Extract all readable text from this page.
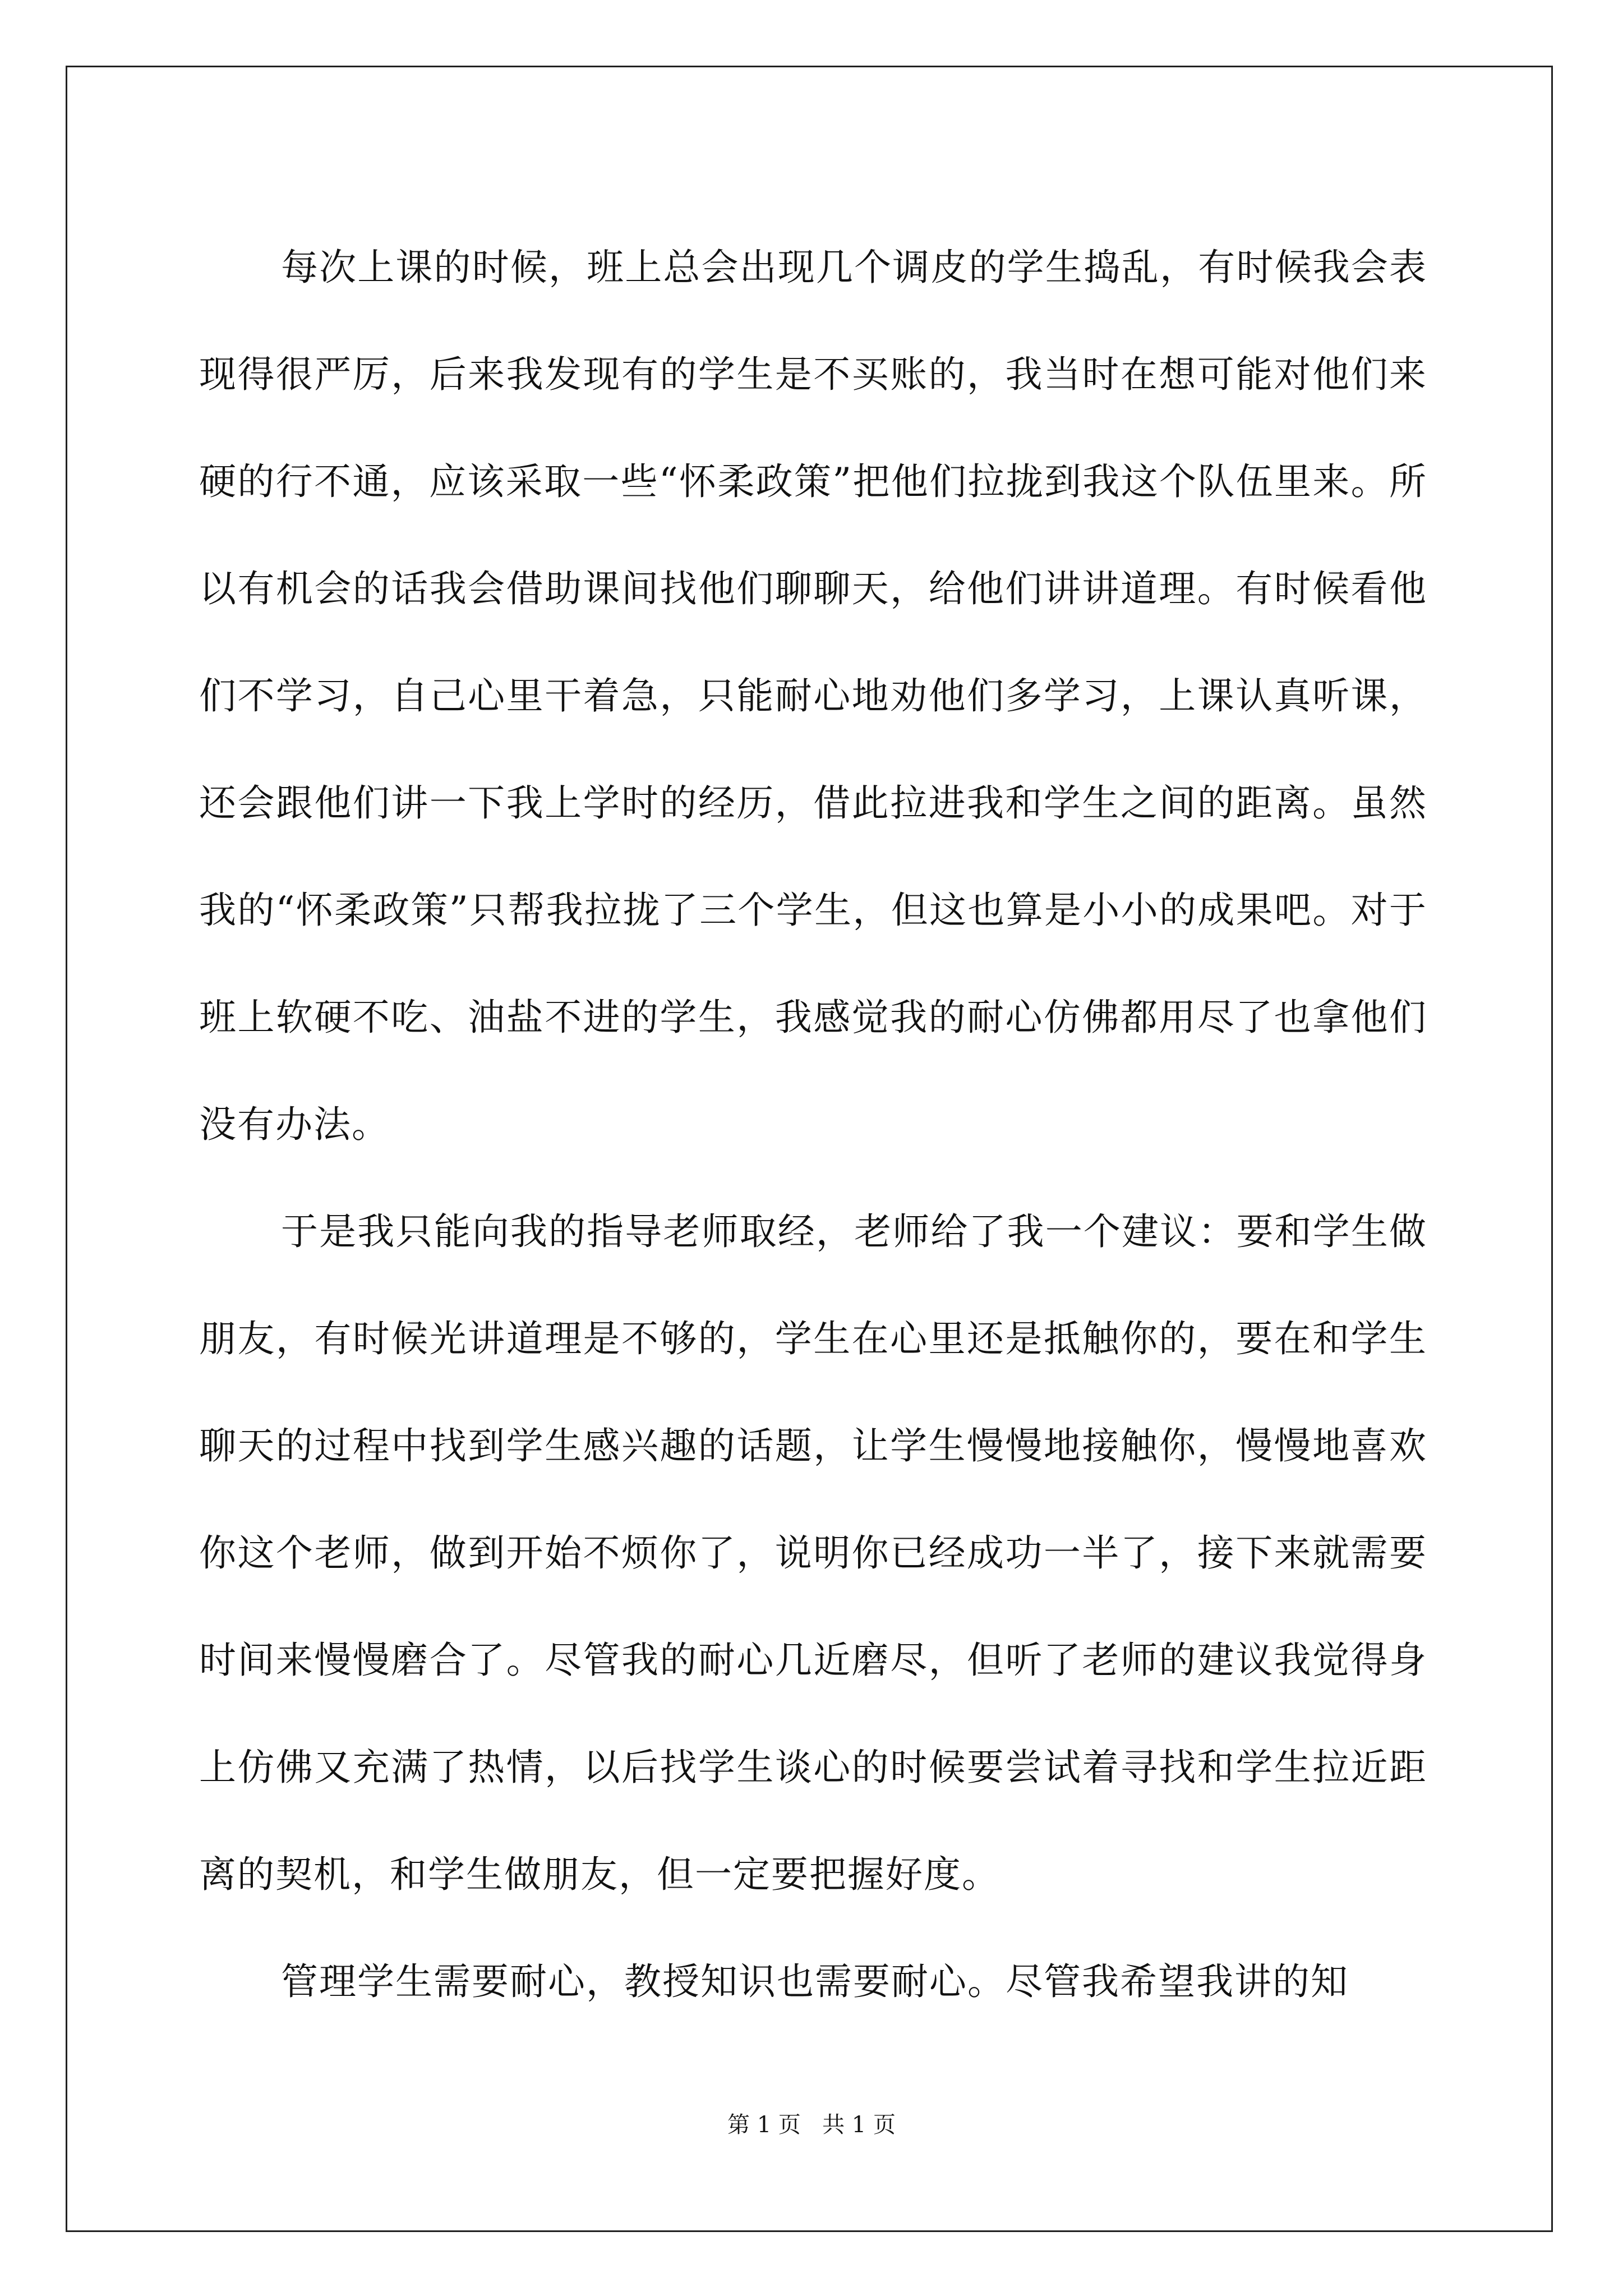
每次上课的时候，班上总会出现几个调皮的学生捣乱，有时候我会表现得很严厉，后来我发现有的学生是不买账的，我当时在想可能对他们来硬的行不通，应该采取一些“怀柔政策”把他们拉拢到我这个队伍里来。所以有机会的话我会借助课间找他们聊聊天，给他们讲讲道理。有时候看他们不学习，自己心里干着急，只能耐心地劝他们多学习，上课认真听课，还会跟他们讲一下我上学时的经历，借此拉进我和学生之间的距离。虽然我的“怀柔政策”只帮我拉拢了三个学生，但这也算是小小的成果吧。对于班上软硬不吃、油盐不进的学生，我感觉我的耐心仿佛都用尽了也拿他们没有办法。

于是我只能向我的指导老师取经，老师给了我一个建议：要和学生做朋友，有时候光讲道理是不够的，学生在心里还是抵触你的，要在和学生聊天的过程中找到学生感兴趣的话题，让学生慢慢地接触你，慢慢地喜欢你这个老师，做到开始不烦你了，说明你已经成功一半了，接下来就需要时间来慢慢磨合了。尽管我的耐心几近磨尽，但听了老师的建议我觉得身上仿佛又充满了热情，以后找学生谈心的时候要尝试着寻找和学生拉近距离的契机，和学生做朋友，但一定要把握好度。

管理学生需要耐心，教授知识也需要耐心。尽管我希望我讲的知

第 1 页 共 1 页
